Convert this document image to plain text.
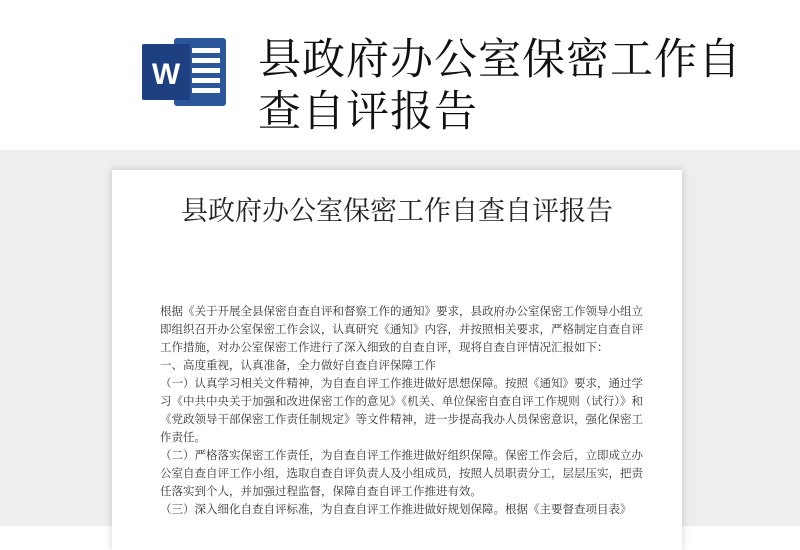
W 县政府办公室保密工作自查自评报告
县政府办公室保密工作自查自评报告

根据《关于开展全县保密自查自评和督察工作的通知》要求，县政府办公室保密工作领导小组立即组织召开办公室保密工作会议，认真研究《通知》内容，并按照相关要求，严格制定自查自评工作措施，对办公室保密工作进行了深入细致的自查自评，现将自查自评情况汇报如下：

一、高度重视，认真准备，全力做好自查自评保障工作

（一）认真学习相关文件精神，为自查自评工作推进做好思想保障。按照《通知》要求，通过学习《中共中央关于加强和改进保密工作的意见》《机关、单位保密自查自评工作规则（试行）》和《党政领导干部保密工作责任制规定》等文件精神，进一步提高我办人员保密意识，强化保密工作责任。

（二）严格落实保密工作责任，为自查自评工作推进做好组织保障。保密工作会后，立即成立办公室自查自评工作小组，选取自查自评负责人及小组成员，按照人员职责分工，层层压实，把责任落实到个人，并加强过程监督，保障自查自评工作推进有效。

（三）深入细化自查自评标准，为自查自评工作推进做好规划保障。根据《主要督查项目表》
